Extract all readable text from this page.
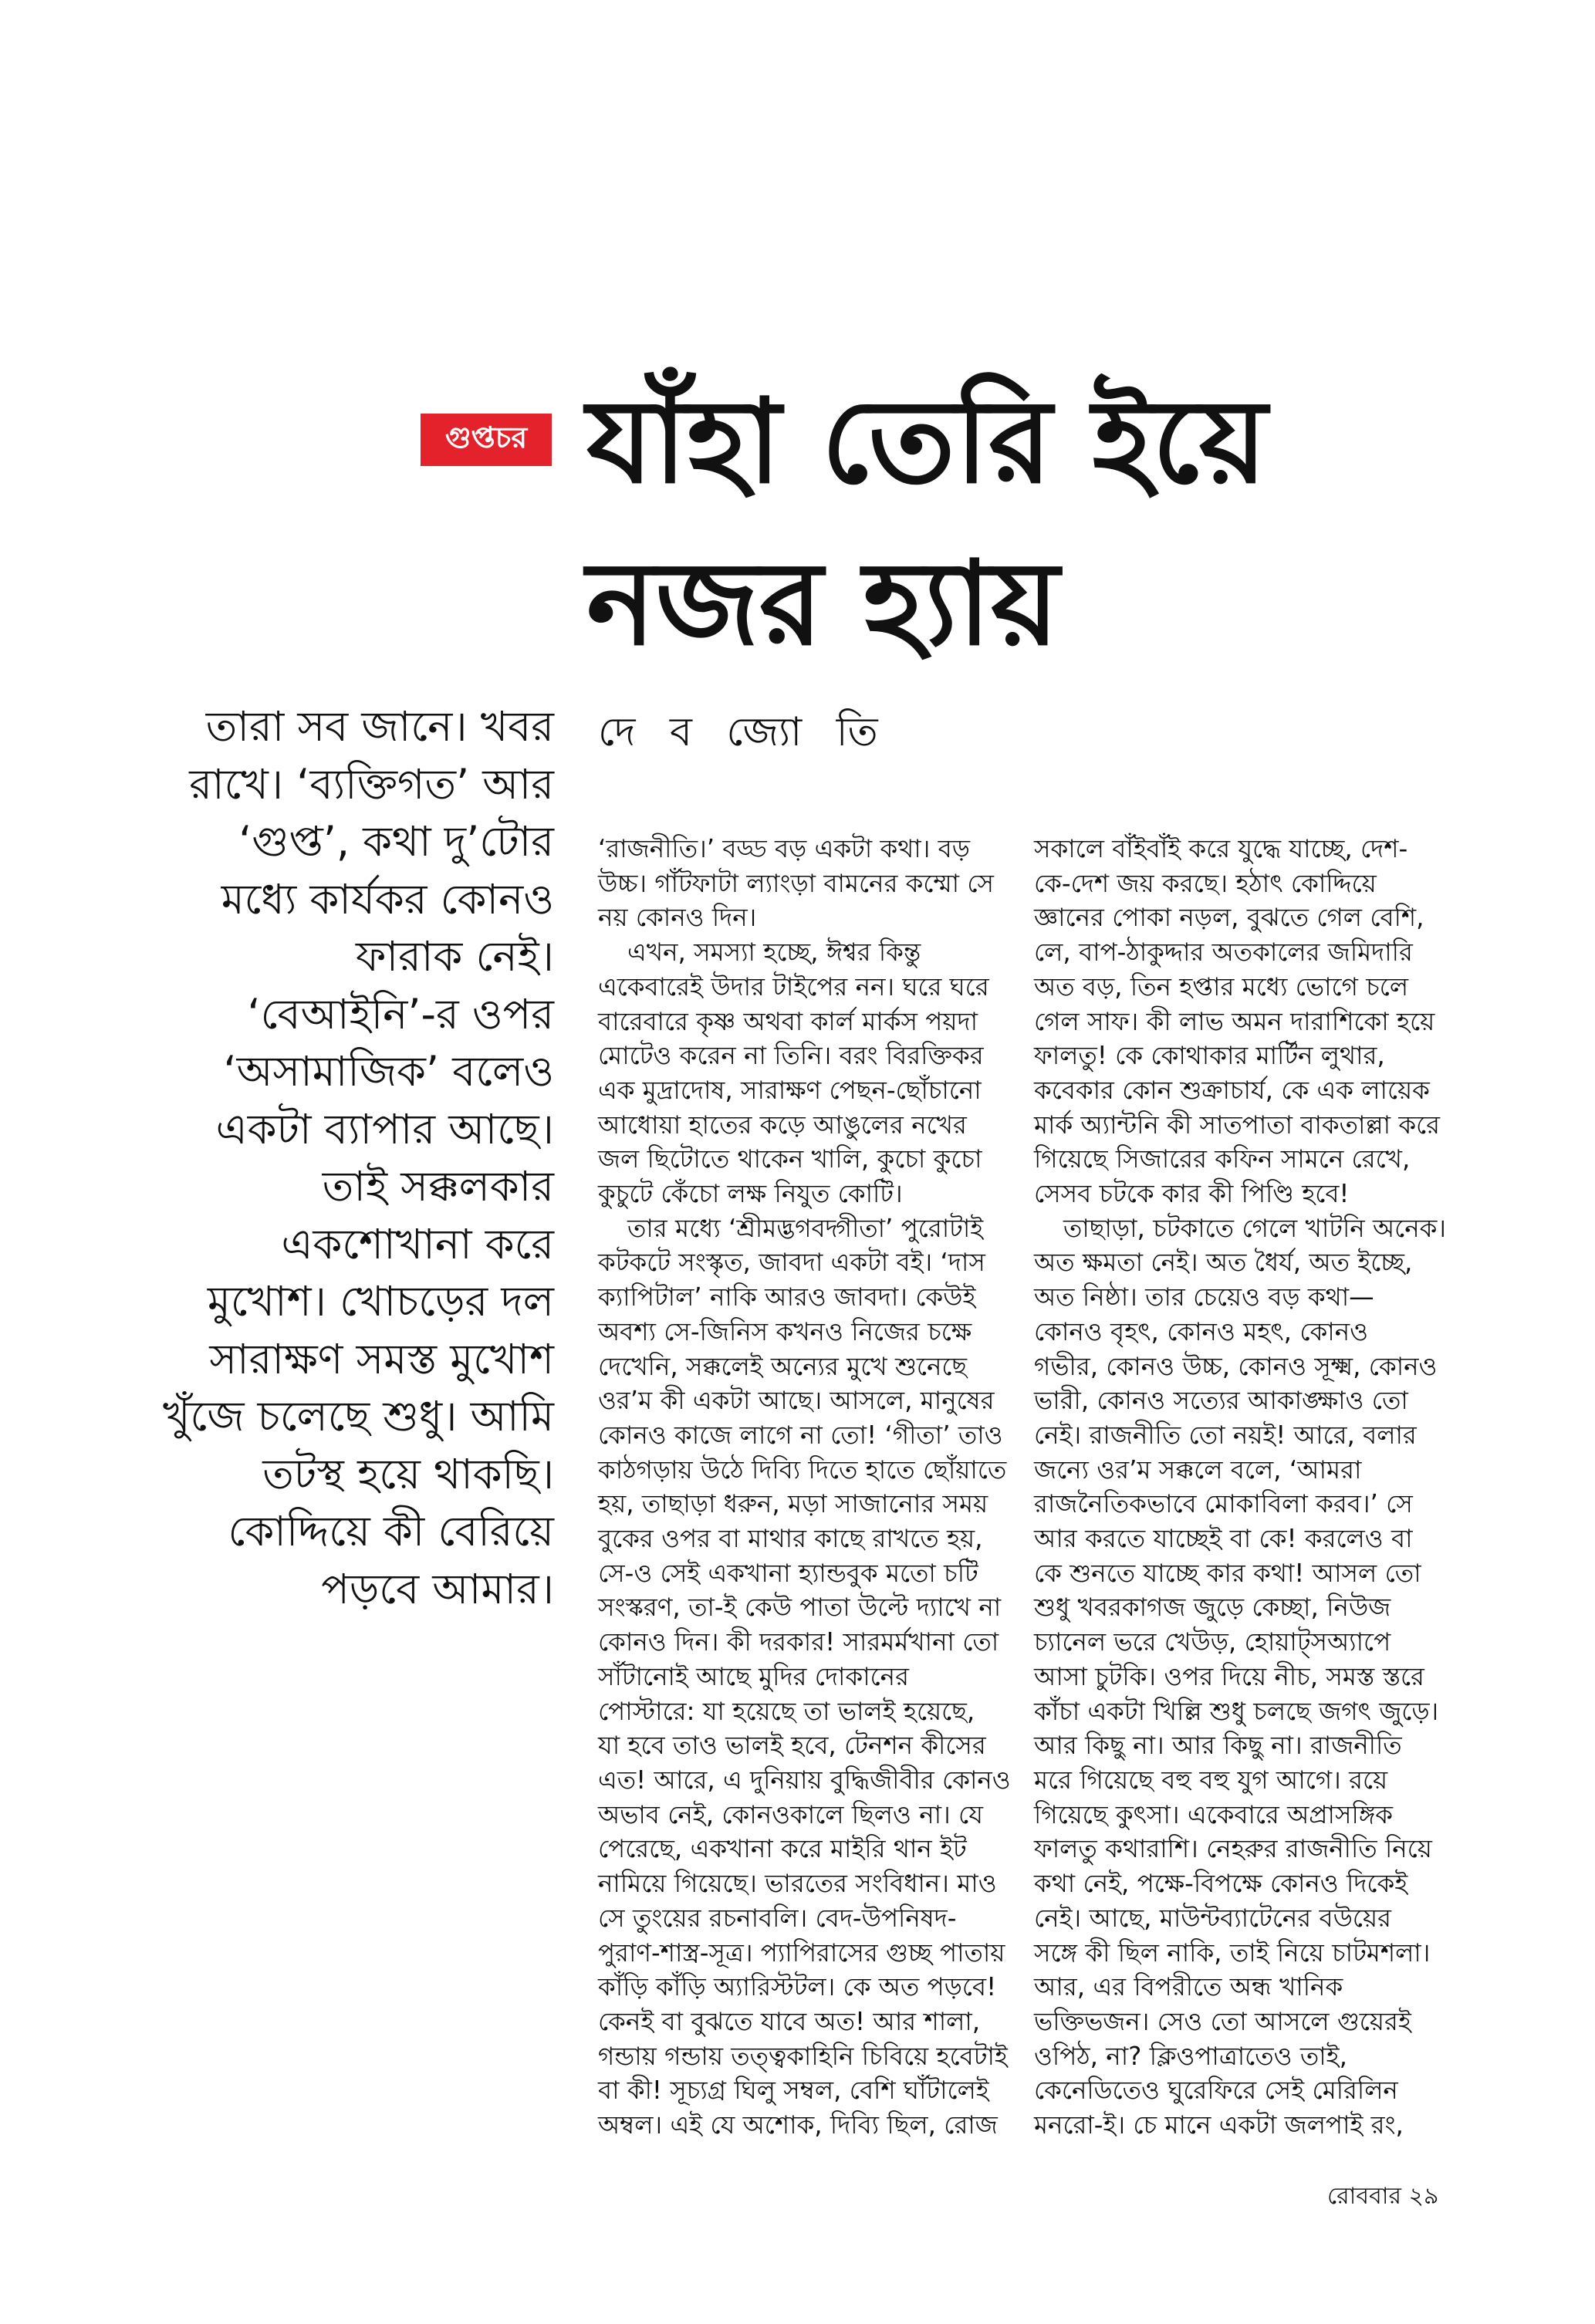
গুপ্তচর যাঁহা তেরি ইয়ে
নজর হ্যায়
তারা সব জানে। খবর
রাখে। ‘ব্যক্তিগত’ আর
‘গুপ্ত’, কথা দু’টোর
মধ্যে কার্যকর কোনও
ফারাক নেই।
‘বেআইনি’-র ওপর
‘অসামাজিক’ বলেও
একটা ব্যাপার আছে।
তাই সক্কলকার
একশোখানা করে
মুখোশ। খোচড়ের দল
সারাক্ষণ সমস্ত মুখোশ
খুঁজে চলেছে শুধু। আমি
তটস্থ হয়ে থাকছি।
কোদ্দিয়ে কী বেরিয়ে
পড়বে আমার।
দে ব জ্যো তি
‘রাজনীতি।’ বড্ড বড় একটা কথা। বড়
উচ্চ। গাঁটফাটা ল্যাংড়া বামনের কম্মো সে
নয় কোনও দিন।
এখন, সমস্যা হচ্ছে, ঈশ্বর কিন্তু
একেবারেই উদার টাইপের নন। ঘরে ঘরে
বারেবারে কৃষ্ণ অথবা কার্ল মার্কস পয়দা
মোটেও করেন না তিনি। বরং বিরক্তিকর
এক মুদ্রাদোষ, সারাক্ষণ পেছন-ছোঁচানো
আধোয়া হাতের কড়ে আঙুলের নখের
জল ছিটোতে থাকেন খালি, কুচো কুচো
কুচুটে কেঁচো লক্ষ নিযুত কোটি।
তার মধ্যে ‘শ্রীমদ্ভগবদ্গীতা’ পুরোটাই
কটকটে সংস্কৃত, জাবদা একটা বই। ‘দাস
ক্যাপিটাল’ নাকি আরও জাবদা। কেউই
অবশ্য সে-জিনিস কখনও নিজের চক্ষে
দেখেনি, সক্কলেই অন্যের মুখে শুনেছে
ওর’ম কী একটা আছে। আসলে, মানুষের
কোনও কাজে লাগে না তো! ‘গীতা’ তাও
কাঠগড়ায় উঠে দিব্যি দিতে হাতে ছোঁয়াতে
হয়, তাছাড়া ধরুন, মড়া সাজানোর সময়
বুকের ওপর বা মাথার কাছে রাখতে হয়,
সে-ও সেই একখানা হ্যান্ডবুক মতো চটি
সংস্করণ, তা-ই কেউ পাতা উল্টে দ্যাখে না
কোনও দিন। কী দরকার! সারমর্মখানা তো
সাঁটানোই আছে মুদির দোকানের
পোস্টারে: যা হয়েছে তা ভালই হয়েছে,
যা হবে তাও ভালই হবে, টেনশন কীসের
এত! আরে, এ দুনিয়ায় বুদ্ধিজীবীর কোনও
অভাব নেই, কোনওকালে ছিলও না। যে
পেরেছে, একখানা করে মাইরি থান ইট
নামিয়ে গিয়েছে। ভারতের সংবিধান। মাও
সে তুংয়ের রচনাবলি। বেদ-উপনিষদ-
পুরাণ-শাস্ত্র-সূত্র। প্যাপিরাসের গুচ্ছ পাতায়
কাঁড়ি কাঁড়ি অ্যারিস্টটল। কে অত পড়বে!
কেনই বা বুঝতে যাবে অত! আর শালা,
গন্ডায় গন্ডায় তত্ত্বকাহিনি চিবিয়ে হবেটাই
বা কী! সূচ্যগ্র ঘিলু সম্বল, বেশি ঘাঁটালেই
অম্বল। এই যে অশোক, দিব্যি ছিল, রোজ
সকালে বাঁইবাঁই করে যুদ্ধে যাচ্ছে, দেশ-
কে-দেশ জয় করছে। হঠাৎ কোদ্দিয়ে
জ্ঞানের পোকা নড়ল, বুঝতে গেল বেশি,
লে, বাপ-ঠাকুদ্দার অতকালের জমিদারি
অত বড়, তিন হপ্তার মধ্যে ভোগে চলে
গেল সাফ। কী লাভ অমন দারাশিকো হয়ে
ফালতু! কে কোথাকার মার্টিন লুথার,
কবেকার কোন শুক্রাচার্য, কে এক লায়েক
মার্ক অ্যান্টনি কী সাতপাতা বাকতাল্লা করে
গিয়েছে সিজারের কফিন সামনে রেখে,
সেসব চটকে কার কী পিণ্ডি হবে!
তাছাড়া, চটকাতে গেলে খাটনি অনেক।
অত ক্ষমতা নেই। অত ধৈর্য, অত ইচ্ছে,
অত নিষ্ঠা। তার চেয়েও বড় কথা—
কোনও বৃহৎ, কোনও মহৎ, কোনও
গভীর, কোনও উচ্চ, কোনও সূক্ষ্ম, কোনও
ভারী, কোনও সত্যের আকাঙ্ক্ষাও তো
নেই। রাজনীতি তো নয়ই! আরে, বলার
জন্যে ওর’ম সক্কলে বলে, ‘আমরা
রাজনৈতিকভাবে মোকাবিলা করব।’ সে
আর করতে যাচ্ছেই বা কে! করলেও বা
কে শুনতে যাচ্ছে কার কথা! আসল তো
শুধু খবরকাগজ জুড়ে কেচ্ছা, নিউজ
চ্যানেল ভরে খেউড়, হোয়াট্সঅ্যাপে
আসা চুটকি। ওপর দিয়ে নীচ, সমস্ত স্তরে
কাঁচা একটা খিল্লি শুধু চলছে জগৎ জুড়ে।
আর কিছু না। আর কিছু না। রাজনীতি
মরে গিয়েছে বহু বহু যুগ আগে। রয়ে
গিয়েছে কুৎসা। একেবারে অপ্রাসঙ্গিক
ফালতু কথারাশি। নেহরুর রাজনীতি নিয়ে
কথা নেই, পক্ষে-বিপক্ষে কোনও দিকেই
নেই। আছে, মাউন্টব্যাটেনের বউয়ের
সঙ্গে কী ছিল নাকি, তাই নিয়ে চাটমশলা।
আর, এর বিপরীতে অন্ধ খানিক
ভক্তিভজন। সেও তো আসলে গুয়েরই
ওপিঠ, না? ক্লিওপাত্রাতেও তাই,
কেনেডিতেও ঘুরেফিরে সেই মেরিলিন
মনরো-ই। চে মানে একটা জলপাই রং,
রোববার ২৯
